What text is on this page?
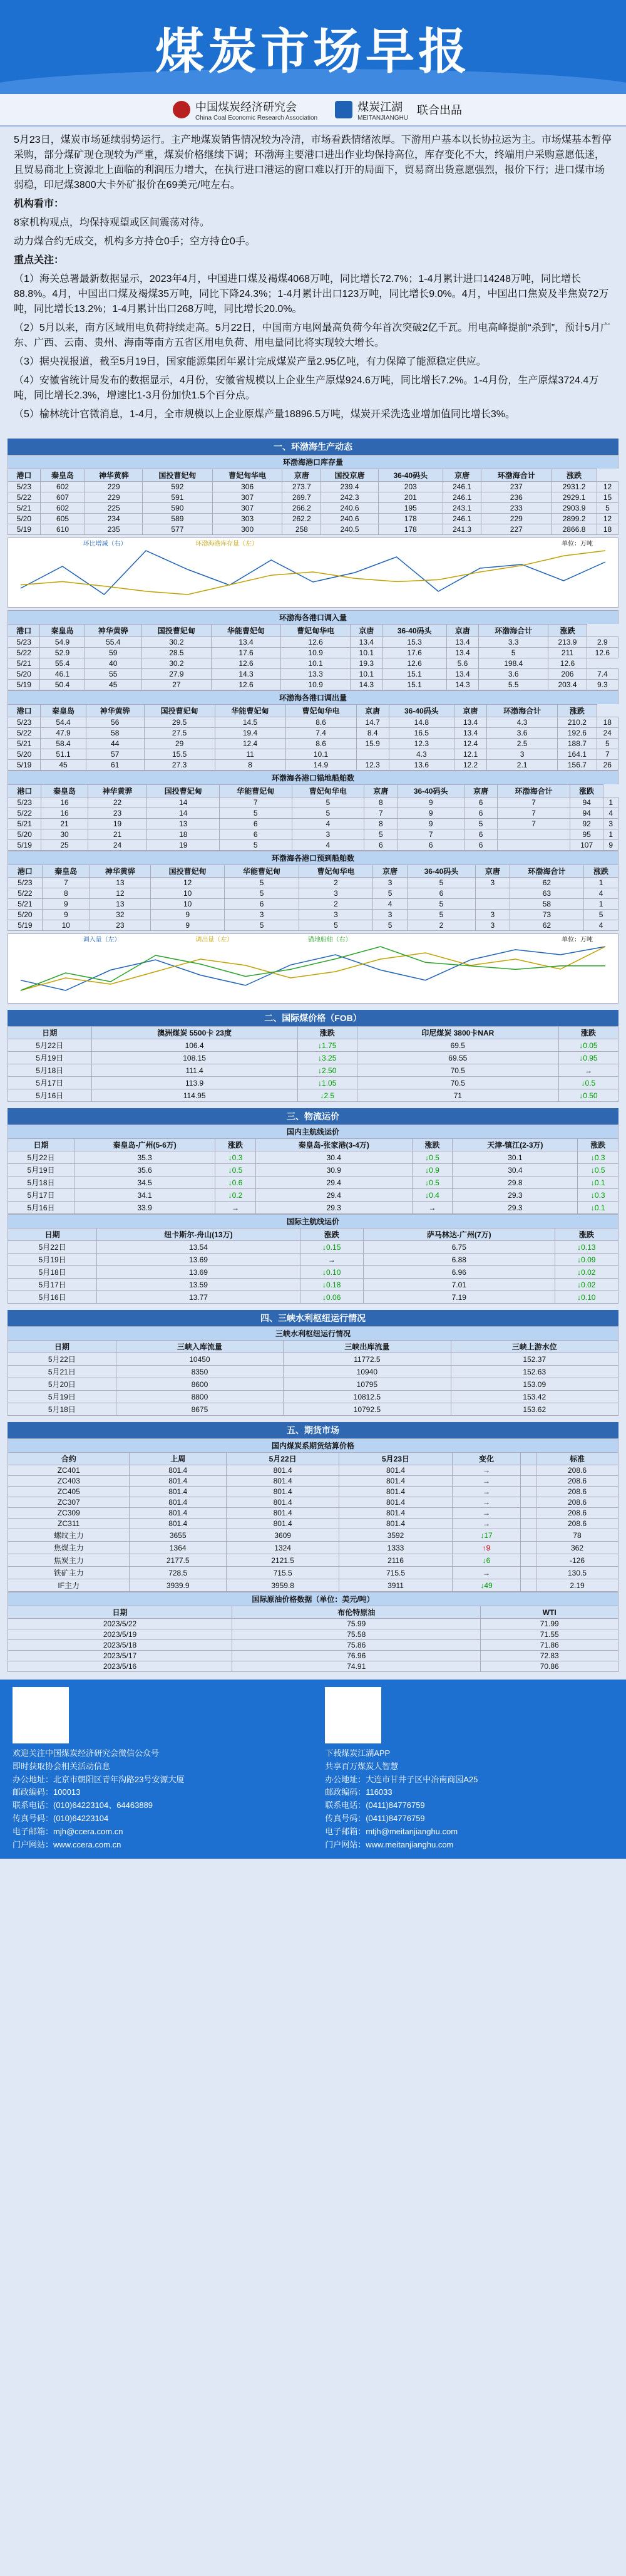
煤炭市场早报
中国煤炭经济研究会
China Coal Economic Research Association
煤炭江湖
MEITANJIANGHU
联合出品

5月23日，煤炭市场延续弱势运行。主产地煤炭销售情况较为冷清，市场看跌情绪浓厚。下游用户基本以长协拉运为主。市场煤基本暂停采购，部分煤矿现仓现较为严重，煤炭价格继续下调；环渤海主要港口进出作业均保持高位，库存变化不大，终端用户采购意愿低迷，且贸易商北上资源北上面临的利润压力增大，在执行进口港运的窗口难以打开的局面下，贸易商出货意愿强烈，报价下行；进口煤市场弱稳，印尼煤3800大卡外矿报价在69美元/吨左右。

机构看市：

8家机构观点，均保持观望或区间震荡对待。

动力煤合约无成交，机构多方持仓0手；空方持仓0手。

重点关注：

（1）海关总署最新数据显示，2023年4月，中国进口煤及褐煤4068万吨，同比增长72.7%；1-4月累计进口14248万吨，同比增长88.8%。4月，中国出口煤及褐煤35万吨，同比下降24.3%；1-4月累计出口123万吨，同比增长9.0%。4月，中国出口焦炭及半焦炭72万吨，同比增长13.2%；1-4月累计出口268万吨，同比增长20.0%。

（2）5月以来，南方区域用电负荷持续走高。5月22日，中国南方电网最高负荷今年首次突破2亿千瓦。用电高峰提前“杀到”，预计5月广东、广西、云南、贵州、海南等南方五省区用电负荷、用电量同比将实现较大增长。

（3）据央视报道，截至5月19日，国家能源集团年累计完成煤炭产量2.95亿吨，有力保障了能源稳定供应。

（4）安徽省统计局发布的数据显示，4月份，安徽省规模以上企业生产原煤924.6万吨，同比增长7.2%。1-4月份，生产原煤3724.4万吨，同比增长2.3%，增速比1-3月份加快1.5个百分点。

（5）榆林统计官微消息，1-4月，全市规模以上企业原煤产量18896.5万吨，煤炭开采洗选业增加值同比增长3%。

一、环渤海生产动态
环渤海港口库存量
港口	秦皇岛	神华黄骅	国投曹妃甸	曹妃甸华电	京唐	国投京唐	36-40码头	京唐	环渤海合计	涨跌	
5/23	602	229	592	306	273.7	239.4	203	246.1	237	2931.2	12
5/22	607	229	591	307	269.7	242.3	201	246.1	236	2929.1	15
5/21	602	225	590	307	266.2	240.6	195	243.1	233	2903.9	5
5/20	605	234	589	303	262.2	240.6	178	246.1	229	2899.2	12
5/19	610	235	577	300	258	240.5	178	241.3	227	2866.8	18
单位：万吨
环比增减（右）	环渤海港库存量（左）
环渤海各港口调入量
港口	秦皇岛	神华黄骅	国投曹妃甸	华能曹妃甸	曹妃甸华电	京唐	36-40码头	京唐	环渤海合计	涨跌	
5/23	54.9	55.4	30.2	13.4	12.6	13.4	15.3	13.4	3.3	213.9	2.9
5/22	52.9	59	28.5	17.6	10.9	10.1	17.6	13.4	5	211	12.6
5/21	55.4	40	30.2	12.6	10.1	19.3	12.6	5.6	198.4	12.6	
5/20	46.1	55	27.9	14.3	13.3	10.1	15.1	13.4	3.6	206	7.4
5/19	50.4	45	27	12.6	10.9	14.3	15.1	14.3	5.5	203.4	9.3
环渤海各港口调出量
港口	秦皇岛	神华黄骅	国投曹妃甸	华能曹妃甸	曹妃甸华电	京唐	36-40码头	京唐	环渤海合计	涨跌	
5/23	54.4	56	29.5	14.5	8.6	14.7	14.8	13.4	4.3	210.2	18
5/22	47.9	58	27.5	19.4	7.4	8.4	16.5	13.4	3.6	192.6	24
5/21	58.4	44	29	12.4	8.6	15.9	12.3	12.4	2.5	188.7	5
5/20	51.1	57	15.5	11	10.1		4.3	12.1	3	164.1	7
5/19	45	61	27.3	8	14.9	12.3	13.6	12.2	2.1	156.7	26
环渤海各港口锚地船舶数
港口	秦皇岛	神华黄骅	国投曹妃甸	华能曹妃甸	曹妃甸华电	京唐	36-40码头	京唐	环渤海合计	涨跌	
5/23	16	22	14	7	5	8	9	6	7	94	1
5/22	16	23	14	5	5	7	9	6	7	94	4
5/21	21	19	13	6	4	8	9	5	7	92	3
5/20	30	21	18	6	3	5	7	6		95	1
5/19	25	24	19	5	4	6	6	6		107	9
环渤海各港口预到船舶数
港口	秦皇岛	神华黄骅	国投曹妃甸	华能曹妃甸	曹妃甸华电	京唐	36-40码头	京唐	环渤海合计	涨跌
5/23	7	13	12	5	2	3	5	3	62	1
5/22	8	12	10	5	3	5	6		63	4
5/21	9	13	10	6	2	4	5		58	1
5/20	9	32	9	3	3	3	5	3	73	5
5/19	10	23	9	5	5	5	2	3	62	4
单位：万吨
调入量（左）	调出量（左）	锚地船舶（右）
二、国际煤价格（FOB）
日期	澳洲煤炭 5500卡 23度	涨跌	印尼煤炭 3800卡NAR	涨跌
5月22日	106.4	↓1.75	69.5	↓0.05
5月19日	108.15	↓3.25	69.55	↓0.95
5月18日	111.4	↓2.50	70.5	→
5月17日	113.9	↓1.05	70.5	↓0.5
5月16日	114.95	↓2.5	71	↓0.50
三、物流运价
国内主航线运价
日期	秦皇岛-广州(5-6万)	涨跌	秦皇岛-张家港(3-4万)	涨跌	天津-镇江(2-3万)	涨跌
5月22日	35.3	↓0.3	30.4	↓0.5	30.1	↓0.3
5月19日	35.6	↓0.5	30.9	↓0.9	30.4	↓0.5
5月18日	34.5	↓0.6	29.4	↓0.5	29.8	↓0.1
5月17日	34.1	↓0.2	29.4	↓0.4	29.3	↓0.3
5月16日	33.9	→	29.3	→	29.3	↓0.1
国际主航线运价
日期	纽卡斯尔-舟山(13万)	涨跌	萨马林达-广州(7万)	涨跌
5月22日	13.54	↓0.15	6.75	↓0.13
5月19日	13.69	→	6.88	↓0.09
5月18日	13.69	↓0.10	6.96	↓0.02
5月17日	13.59	↓0.18	7.01	↓0.02
5月16日	13.77	↓0.06	7.19	↓0.10
四、三峡水利枢纽运行情况
三峡水利枢纽运行情况
日期	三峡入库流量	三峡出库流量	三峡上游水位
5月22日	10450	11772.5	152.37
5月21日	8350	10940	152.63
5月20日	8600	10795	153.09
5月19日	8800	10812.5	153.42
5月18日	8675	10792.5	153.62
五、期货市场
国内煤炭系期货结算价格
合约	上周	5月22日	5月23日	变化		标准
ZC401	801.4	801.4	801.4	→		208.6
ZC403	801.4	801.4	801.4	→		208.6
ZC405	801.4	801.4	801.4	→		208.6
ZC307	801.4	801.4	801.4	→		208.6
ZC309	801.4	801.4	801.4	→		208.6
ZC311	801.4	801.4	801.4	→		208.6
螺纹主力	3655	3609	3592	↓17		78
焦煤主力	1364	1324	1333	↑9		362
焦炭主力	2177.5	2121.5	2116	↓6		-126
铁矿主力	728.5	715.5	715.5	→		130.5
IF主力	3939.9	3959.8	3911	↓49		2.19
国际原油价格数据（单位：美元/吨）
日期	布伦特原油	WTI
2023/5/22	75.99	71.99
2023/5/19	75.58	71.55
2023/5/18	75.86	71.86
2023/5/17	76.96	72.83
2023/5/16	74.91	70.86
欢迎关注中国煤炭经济研究会微信公众号
即时获取协会相关活动信息
办公地址：北京市朝阳区青年沟路23号安源大厦
邮政编码：100013
联系电话：(010)64223104、64463889
传真号码：(010)64223104
电子邮箱：mjh@ccera.com.cn
门户网站：www.ccera.com.cn
下载煤炭江湖APP
共享百万煤炭人智慧
办公地址：大连市甘井子区中冶南商园A25
邮政编码：116033
联系电话：(0411)84776759
传真号码：(0411)84776759
电子邮箱：mtjh@meitanjianghu.com
门户网站：www.meitanjianghu.com
